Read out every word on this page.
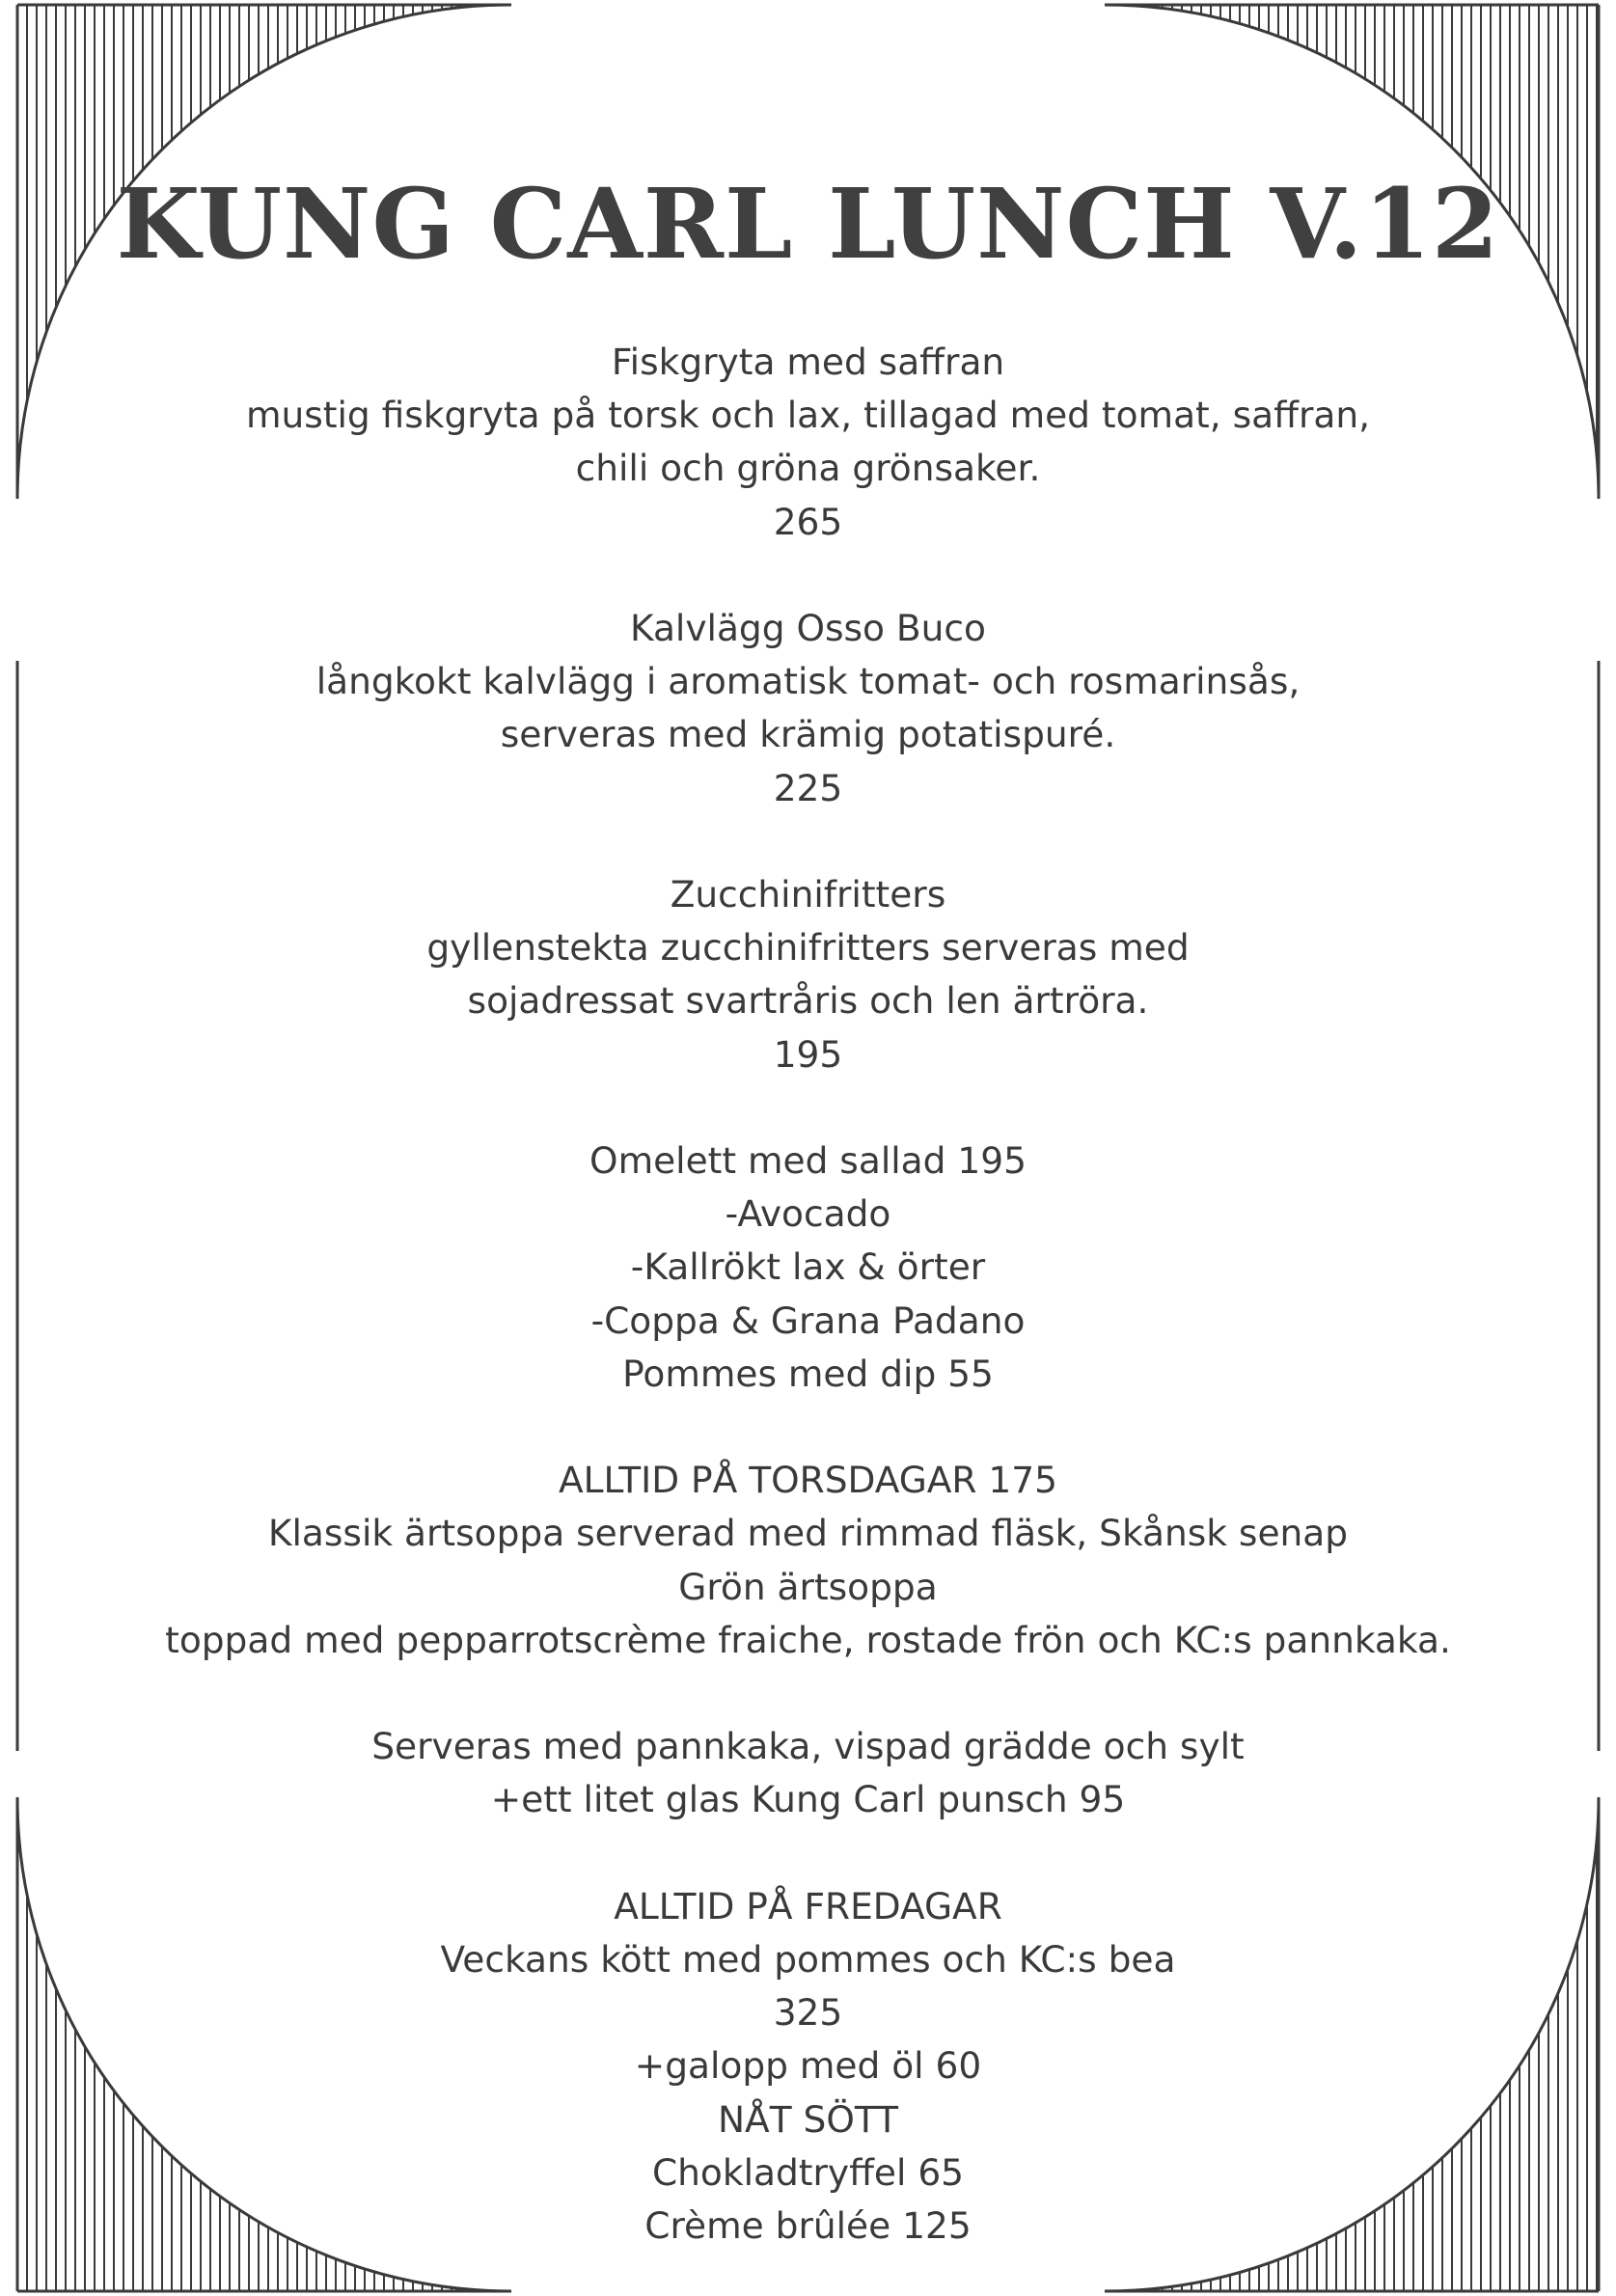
KUNG CARL LUNCH V.12
Fiskgryta med saffran
mustig fiskgryta på torsk och lax, tillagad med tomat, saffran,
chili och gröna grönsaker.
265
Kalvlägg Osso Buco
långkokt kalvlägg i aromatisk tomat- och rosmarinsås,
serveras med krämig potatispuré.
225
Zucchinifritters
gyllenstekta zucchinifritters serveras med
sojadressat svartråris och len ärtröra.
195
Omelett med sallad 195
-Avocado
-Kallrökt lax & örter
-Coppa & Grana Padano
Pommes med dip 55
ALLTID PÅ TORSDAGAR 175
Klassik ärtsoppa serverad med rimmad fläsk, Skånsk senap
Grön ärtsoppa
toppad med pepparrotscrème fraiche, rostade frön och KC:s pannkaka.
Serveras med pannkaka, vispad grädde och sylt
+ett litet glas Kung Carl punsch 95
ALLTID PÅ FREDAGAR
Veckans kött med pommes och KC:s bea
325
+galopp med öl 60
NÅT SÖTT
Chokladtryffel 65
Crème brûlée 125
